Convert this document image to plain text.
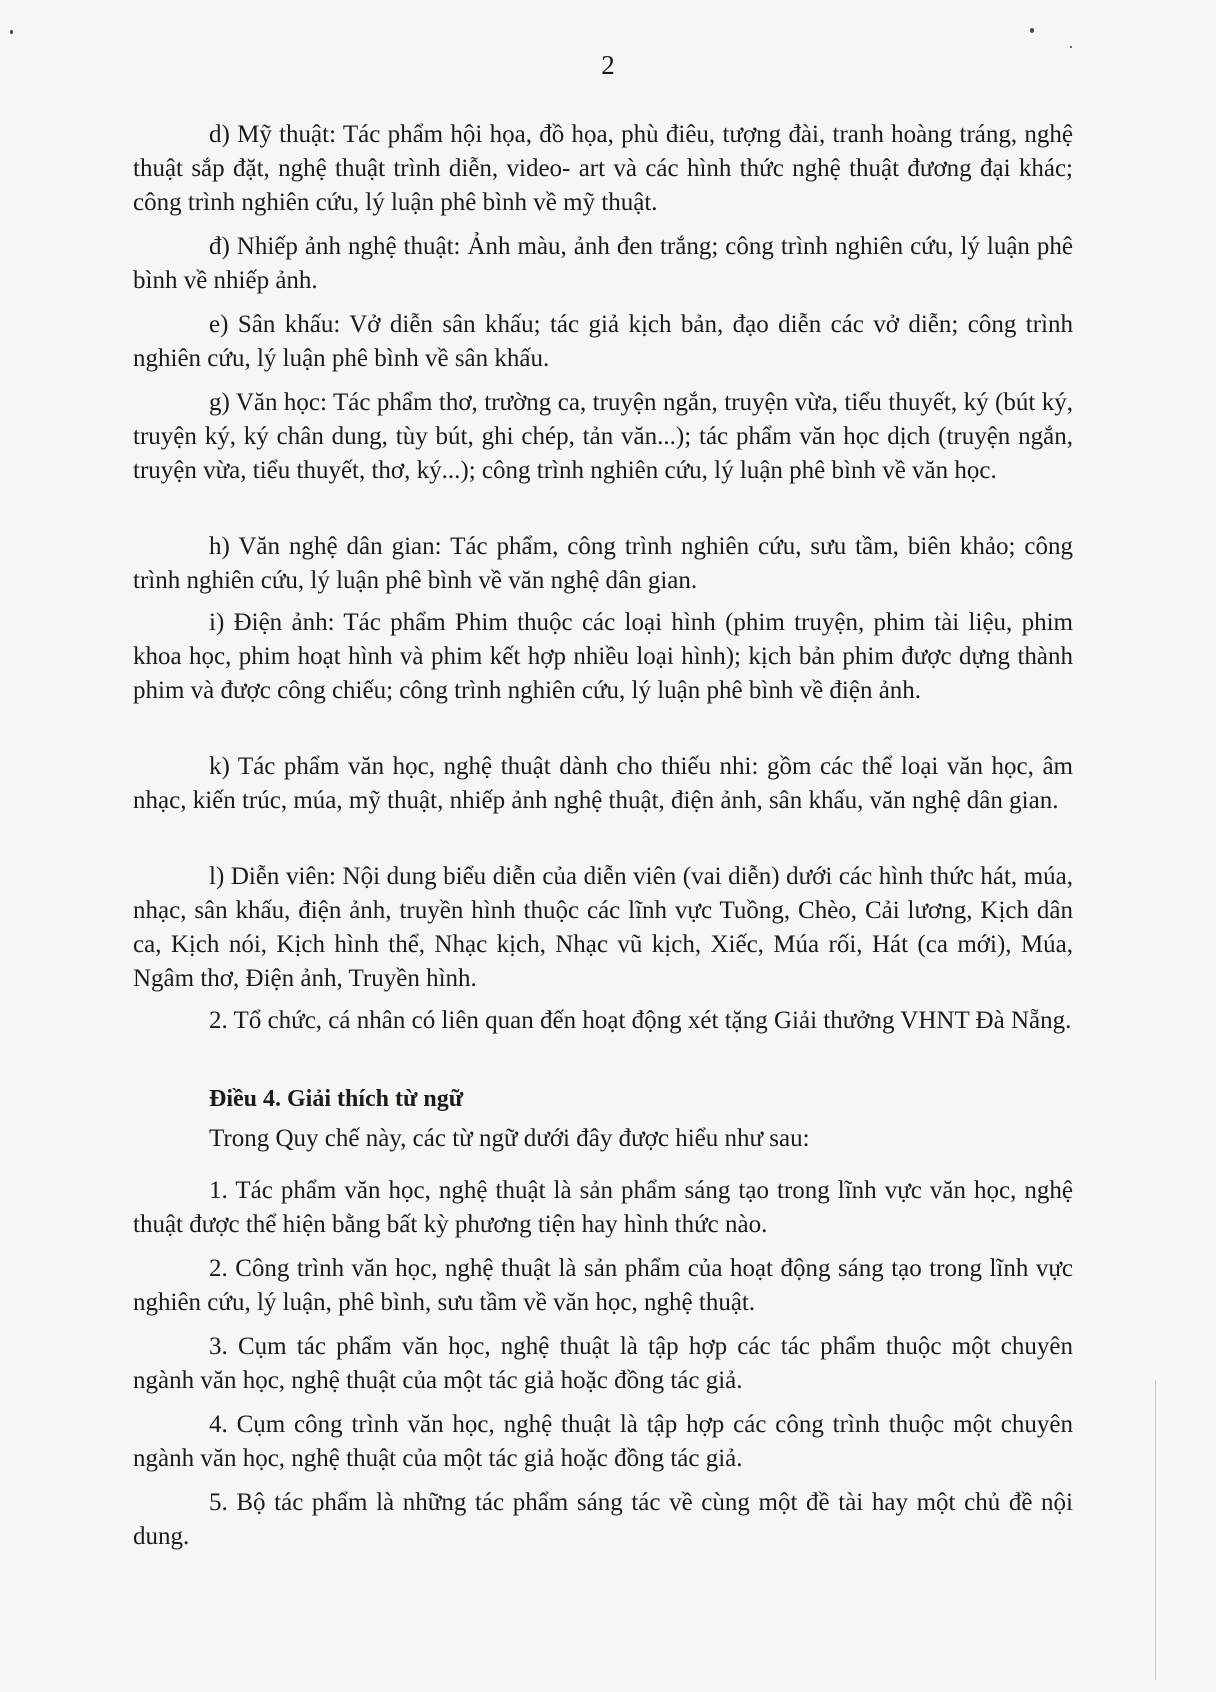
2

d) Mỹ thuật: Tác phẩm hội họa, đồ họa, phù điêu, tượng đài, tranh hoàng tráng, nghệ thuật sắp đặt, nghệ thuật trình diễn, video- art và các hình thức nghệ thuật đương đại khác; công trình nghiên cứu, lý luận phê bình về mỹ thuật.

đ) Nhiếp ảnh nghệ thuật: Ảnh màu, ảnh đen trắng; công trình nghiên cứu, lý luận phê bình về nhiếp ảnh.

e) Sân khấu: Vở diễn sân khấu; tác giả kịch bản, đạo diễn các vở diễn; công trình nghiên cứu, lý luận phê bình về sân khấu.

g) Văn học: Tác phẩm thơ, trường ca, truyện ngắn, truyện vừa, tiểu thuyết, ký (bút ký, truyện ký, ký chân dung, tùy bút, ghi chép, tản văn...); tác phẩm văn học dịch (truyện ngắn, truyện vừa, tiểu thuyết, thơ, ký...); công trình nghiên cứu, lý luận phê bình về văn học.

h) Văn nghệ dân gian: Tác phẩm, công trình nghiên cứu, sưu tầm, biên khảo; công trình nghiên cứu, lý luận phê bình về văn nghệ dân gian.

i) Điện ảnh: Tác phẩm Phim thuộc các loại hình (phim truyện, phim tài liệu, phim khoa học, phim hoạt hình và phim kết hợp nhiều loại hình); kịch bản phim được dựng thành phim và được công chiếu; công trình nghiên cứu, lý luận phê bình về điện ảnh.

k) Tác phẩm văn học, nghệ thuật dành cho thiếu nhi: gồm các thể loại văn học, âm nhạc, kiến trúc, múa, mỹ thuật, nhiếp ảnh nghệ thuật, điện ảnh, sân khấu, văn nghệ dân gian.

l) Diễn viên: Nội dung biểu diễn của diễn viên (vai diễn) dưới các hình thức hát, múa, nhạc, sân khấu, điện ảnh, truyền hình thuộc các lĩnh vực Tuồng, Chèo, Cải lương, Kịch dân ca, Kịch nói, Kịch hình thể, Nhạc kịch, Nhạc vũ kịch, Xiếc, Múa rối, Hát (ca mới), Múa, Ngâm thơ, Điện ảnh, Truyền hình.

2. Tổ chức, cá nhân có liên quan đến hoạt động xét tặng Giải thưởng VHNT Đà Nẵng.

Điều 4. Giải thích từ ngữ

Trong Quy chế này, các từ ngữ dưới đây được hiểu như sau:

1. Tác phẩm văn học, nghệ thuật là sản phẩm sáng tạo trong lĩnh vực văn học, nghệ thuật được thể hiện bằng bất kỳ phương tiện hay hình thức nào.

2. Công trình văn học, nghệ thuật là sản phẩm của hoạt động sáng tạo trong lĩnh vực nghiên cứu, lý luận, phê bình, sưu tầm về văn học, nghệ thuật.

3. Cụm tác phẩm văn học, nghệ thuật là tập hợp các tác phẩm thuộc một chuyên ngành văn học, nghệ thuật của một tác giả hoặc đồng tác giả.

4. Cụm công trình văn học, nghệ thuật là tập hợp các công trình thuộc một chuyên ngành văn học, nghệ thuật của một tác giả hoặc đồng tác giả.

5. Bộ tác phẩm là những tác phẩm sáng tác về cùng một đề tài hay một chủ đề nội dung.
